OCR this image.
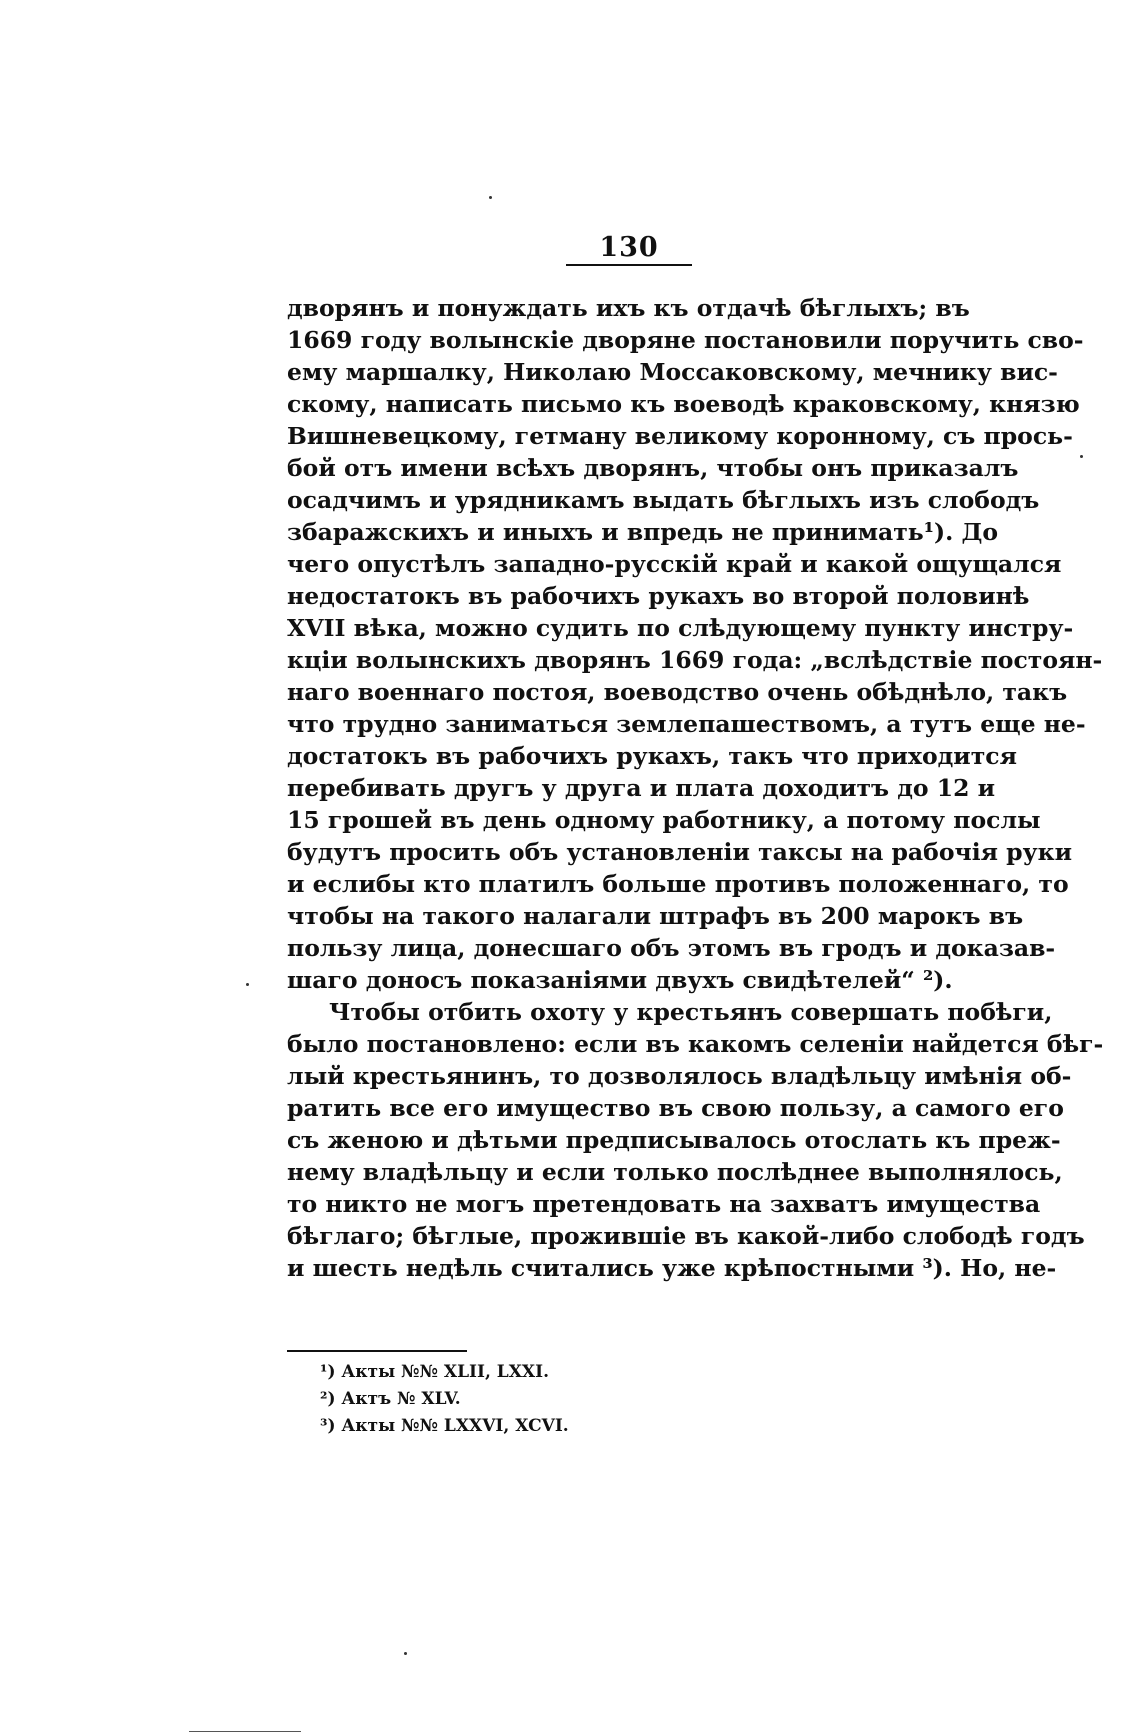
130
дворянъ и понуждать ихъ къ отдачѣ бѣглыхъ; въ
1669 году волынскіе дворяне постановили поручить сво-
ему маршалку, Николаю Моссаковскому, мечнику вис-
скому, написать письмо къ воеводѣ краковскому, князю
Вишневецкому, гетману великому коронному, съ прось-
бой отъ имени всѣхъ дворянъ, чтобы онъ приказалъ
осадчимъ и урядникамъ выдать бѣглыхъ изъ слободъ
збаражскихъ и иныхъ и впредь не принимать¹). До
чего опустѣлъ западно-русскій край и какой ощущался
недостатокъ въ рабочихъ рукахъ во второй половинѣ
XVII вѣка, можно судить по слѣдующему пункту инстру-
кціи волынскихъ дворянъ 1669 года: „вслѣдствіе постоян-
наго военнаго постоя, воеводство очень обѣднѣло, такъ
что трудно заниматься землепашествомъ, а тутъ еще не-
достатокъ въ рабочихъ рукахъ, такъ что приходится
перебивать другъ у друга и плата доходитъ до 12 и
15 грошей въ день одному работнику, а потому послы
будутъ просить объ установленіи таксы на рабочія руки
и еслибы кто платилъ больше противъ положеннаго, то
чтобы на такого налагали штрафъ въ 200 марокъ въ
пользу лица, донесшаго объ этомъ въ гродъ и доказав-
шаго доносъ показаніями двухъ свидѣтелей“ ²).
Чтобы отбить охоту у крестьянъ совершать побѣги,
было постановлено: если въ какомъ селеніи найдется бѣг-
лый крестьянинъ, то дозволялось владѣльцу имѣнія об-
ратить все его имущество въ свою пользу, а самого его
съ женою и дѣтьми предписывалось отослать къ преж-
нему владѣльцу и если только послѣднее выполнялось,
то никто не могъ претендовать на захватъ имущества
бѣглаго; бѣглые, прожившіе въ какой-либо слободѣ годъ
и шесть недѣль считались уже крѣпостными ³). Но, не-
¹) Акты №№ XLII, LXXI.
²) Актъ № XLV.
³) Акты №№ LXXVI, XCVI.
